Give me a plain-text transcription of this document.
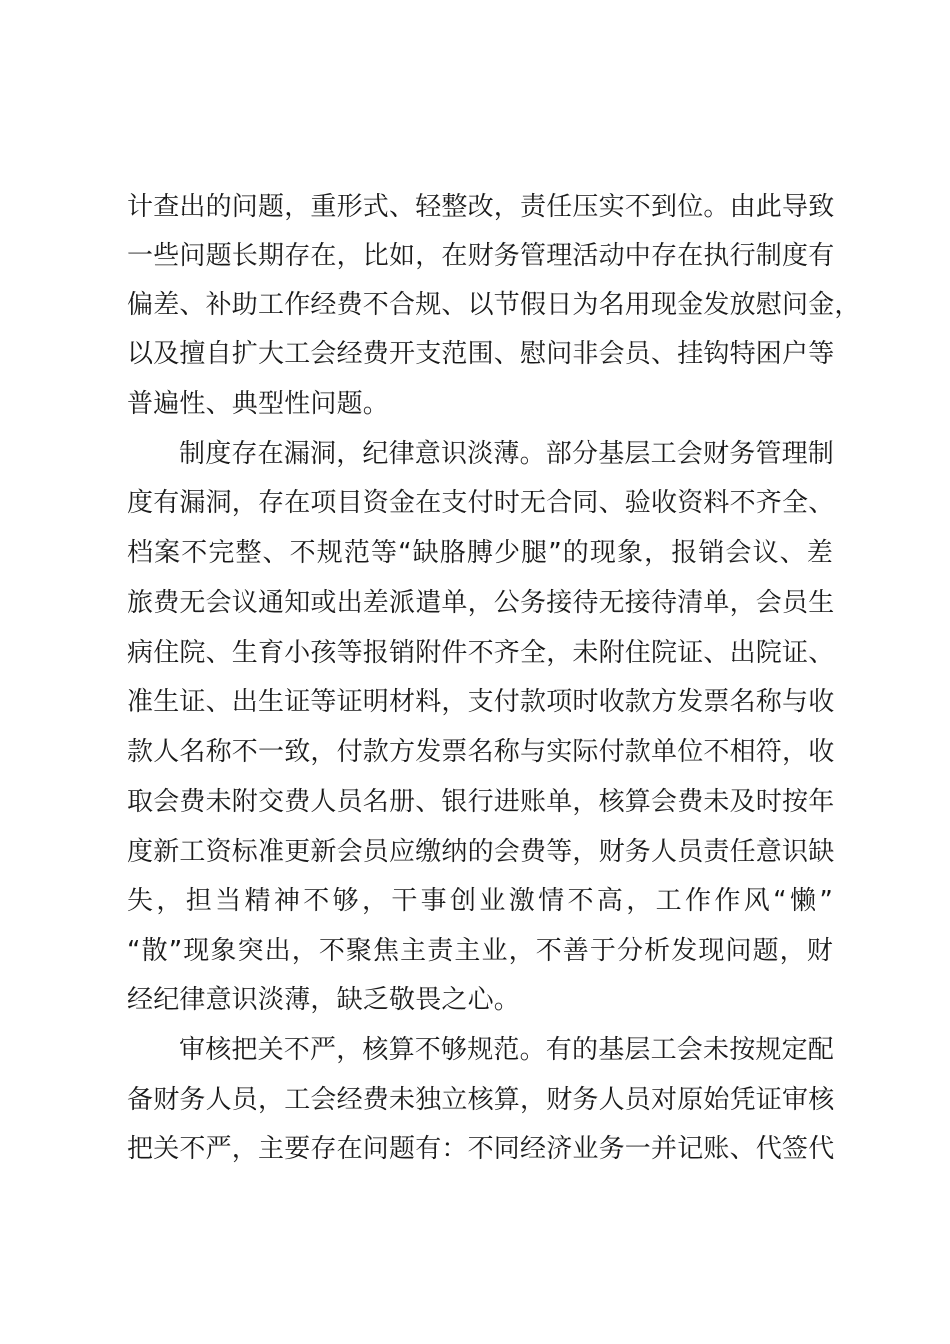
计查出的问题，重形式、轻整改，责任压实不到位。由此导致
一些问题长期存在，比如，在财务管理活动中存在执行制度有
偏差、补助工作经费不合规、以节假日为名用现金发放慰问金，
以及擅自扩大工会经费开支范围、慰问非会员、挂钩特困户等
普遍性、典型性问题。
制度存在漏洞，纪律意识淡薄。部分基层工会财务管理制
度有漏洞，存在项目资金在支付时无合同、验收资料不齐全、
档案不完整、不规范等“缺胳膊少腿”的现象，报销会议、差
旅费无会议通知或出差派遣单，公务接待无接待清单，会员生
病住院、生育小孩等报销附件不齐全，未附住院证、出院证、
准生证、出生证等证明材料，支付款项时收款方发票名称与收
款人名称不一致，付款方发票名称与实际付款单位不相符，收
取会费未附交费人员名册、银行进账单，核算会费未及时按年
度新工资标准更新会员应缴纳的会费等，财务人员责任意识缺
失，担当精神不够，干事创业激情不高，工作作风“懒”
“散”现象突出，不聚焦主责主业，不善于分析发现问题，财
经纪律意识淡薄，缺乏敬畏之心。
审核把关不严，核算不够规范。有的基层工会未按规定配
备财务人员，工会经费未独立核算，财务人员对原始凭证审核
把关不严，主要存在问题有：不同经济业务一并记账、代签代
